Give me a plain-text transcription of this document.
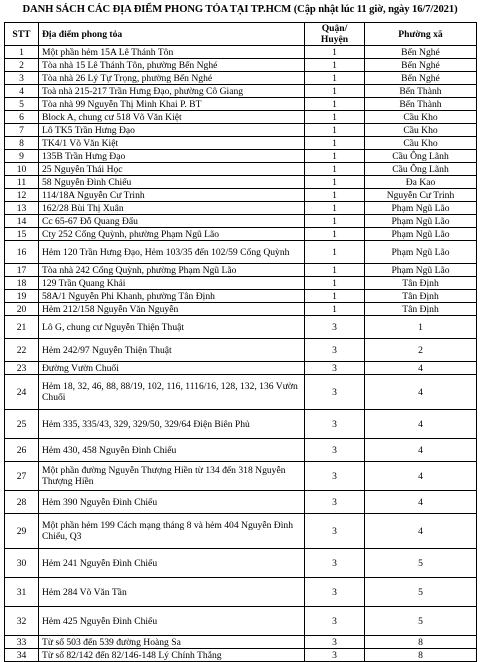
DANH SÁCH CÁC ĐỊA ĐIỂM PHONG TỎA TẠI TP.HCM (Cập nhật lúc 11 giờ, ngày 16/7/2021)
STT	Địa điểm phong tỏa	Quận/ Huyện	Phường xã
1	Một phần hẻm 15A Lê Thánh Tôn	1	Bến Nghé
2	Tòa nhà 15 Lê Thánh Tôn, phường Bến Nghé	1	Bến Nghé
3	Tòa nhà 26 Lý Tự Trọng, phường Bến Nghé	1	Bến Nghé
4	Toà nhà 215-217 Trần Hưng Đạo, phường Cô Giang	1	Bến Thành
5	Tòa nhà 99 Nguyễn Thị Minh Khai P. BT	1	Bến Thành
6	Block A, chung cư 518 Võ Văn Kiệt	1	Cầu Kho
7	Lô TK5 Trần Hưng Đạo	1	Cầu Kho
8	TK4/1 Võ Văn Kiệt	1	Cầu Kho
9	135B Trần Hưng Đạo	1	Cầu Ông Lãnh
10	25 Nguyễn Thái Học	1	Cầu Ông Lãnh
11	58 Nguyễn Đình Chiểu	1	Đa Kao
12	114/18A Nguyễn Cư Trinh	1	Nguyễn Cư Trinh
13	162/28 Bùi Thị Xuân	1	Phạm Ngũ Lão
14	Cc 65-67 Đỗ Quang Đẩu	1	Phạm Ngũ Lão
15	Cty 252 Cống Quỳnh, phường Phạm Ngũ Lão	1	Phạm Ngũ Lão
16	Hẻm 120 Trần Hưng Đạo, Hẻm 103/35 đến 102/59 Cống Quỳnh	1	Phạm Ngũ Lão
17	Tòa nhà 242 Cống Quỳnh, phường Phạm Ngũ Lão	1	Phạm Ngũ Lão
18	129 Trần Quang Khải	1	Tân Định
19	58A/1 Nguyễn Phi Khanh, phường Tân Định	1	Tân Định
20	Hẻm 212/158 Nguyễn Văn Nguyễn	1	Tân Định
21	Lô G, chung cư Nguyễn Thiện Thuật	3	1
22	Hẻm 242/97 Nguyễn Thiện Thuật	3	2
23	Đường Vườn Chuối	3	4
24	Hẻm 18, 32, 46, 88, 88/19, 102, 116, 1116/16, 128, 132, 136 Vườn Chuối	3	4
25	Hẻm 335, 335/43, 329, 329/50, 329/64 Điện Biên Phủ	3	4
26	Hẻm 430, 458 Nguyễn Đình Chiểu	3	4
27	Một phần đường Nguyễn Thượng Hiền từ 134 đến 318 Nguyễn Thượng Hiền	3	4
28	Hẻm 390 Nguyễn Đình Chiểu	3	4
29	Một phần hẻm 199 Cách mạng tháng 8 và hẻm 404 Nguyễn Đình Chiểu, Q3	3	4
30	Hẻm 241 Nguyễn Đình Chiểu	3	5
31	Hẻm 284 Võ Văn Tần	3	5
32	Hẻm 425 Nguyễn Đình Chiểu	3	5
33	Từ số 503 đến 539 đường Hoàng Sa	3	8
34	Từ số 82/142 đến 82/146-148 Lý Chính Thắng	3	8
